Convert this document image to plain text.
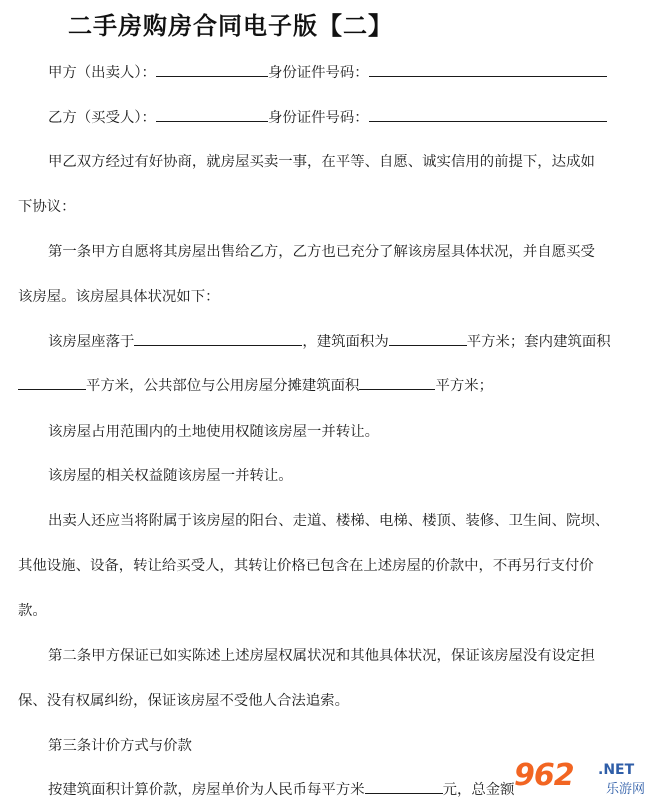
二手房购房合同电子版【二】
甲方（出卖人）：	身份证件号码：
乙方（买受人）：	身份证件号码：
甲乙双方经过有好协商，就房屋买卖一事，在平等、自愿、诚实信用的前提下，达成如
下协议：
第一条甲方自愿将其房屋出售给乙方，乙方也已充分了解该房屋具体状况，并自愿买受
该房屋。该房屋具体状况如下：
该房屋座落于	，建筑面积为	平方米；套内建筑面积
平方米，公共部位与公用房屋分摊建筑面积	平方米；
该房屋占用范围内的土地使用权随该房屋一并转让。
该房屋的相关权益随该房屋一并转让。
出卖人还应当将附属于该房屋的阳台、走道、楼梯、电梯、楼顶、装修、卫生间、院坝、
其他设施、设备，转让给买受人，其转让价格已包含在上述房屋的价款中，不再另行支付价
款。
第二条甲方保证已如实陈述上述房屋权属状况和其他具体状况，保证该房屋没有设定担
保、没有权属纠纷，保证该房屋不受他人合法追索。
第三条计价方式与价款
按建筑面积计算价款，房屋单价为人民币每平方米	元，总金额 962 .NET
乐游网
